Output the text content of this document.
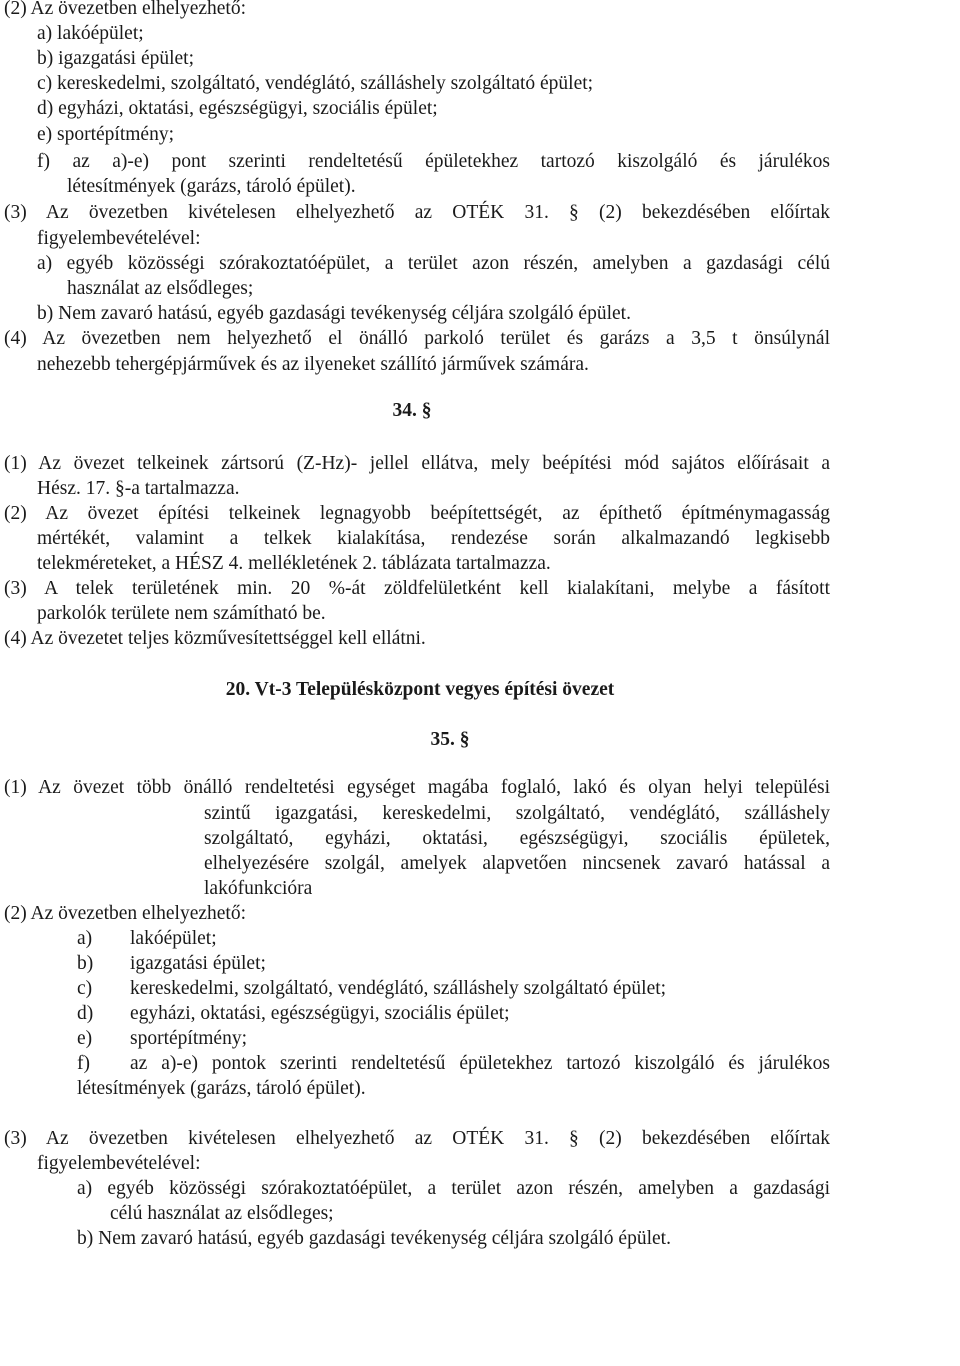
(2) Az övezetben elhelyezhető:
a) lakóépület;
b) igazgatási épület;
c) kereskedelmi, szolgáltató, vendéglátó, szálláshely szolgáltató épület;
d) egyházi, oktatási, egészségügyi, szociális épület;
e) sportépítmény;
f) az a)-e) pont szerinti rendeltetésű épületekhez tartozó kiszolgáló és járulékos
létesítmények (garázs, tároló épület).
(3) Az övezetben kivételesen elhelyezhető az OTÉK 31. § (2) bekezdésében előírtak
figyelembevételével:
a) egyéb közösségi szórakoztatóépület, a terület azon részén, amelyben a gazdasági célú
használat az elsődleges;
b) Nem zavaró hatású, egyéb gazdasági tevékenység céljára szolgáló épület.
(4) Az övezetben nem helyezhető el önálló parkoló terület és garázs a 3,5 t önsúlynál
nehezebb tehergépjárművek és az ilyeneket szállító járművek számára.
34. §
(1) Az övezet telkeinek zártsorú (Z-Hz)- jellel ellátva, mely beépítési mód sajátos előírásait a
Hész. 17. §-a tartalmazza.
(2) Az övezet építési telkeinek legnagyobb beépítettségét, az építhető építménymagasság
mértékét, valamint a telkek kialakítása, rendezése során alkalmazandó legkisebb
telekméreteket, a HÉSZ 4. mellékletének 2. táblázata tartalmazza.
(3) A telek területének min. 20 %-át zöldfelületként kell kialakítani, melybe a fásított
parkolók területe nem számítható be.
(4) Az övezetet teljes közművesítettséggel kell ellátni.
20. Vt-3 Településközpont vegyes építési övezet
35. §
(1) Az övezet több önálló rendeltetési egységet magába foglaló, lakó és olyan helyi települési
szintű igazgatási, kereskedelmi, szolgáltató, vendéglátó, szálláshely
szolgáltató, egyházi, oktatási, egészségügyi, szociális épületek,
elhelyezésére szolgál, amelyek alapvetően nincsenek zavaró hatással a
lakófunkcióra
(2) Az övezetben elhelyezhető:
a) lakóépület;
b) igazgatási épület;
c) kereskedelmi, szolgáltató, vendéglátó, szálláshely szolgáltató épület;
d) egyházi, oktatási, egészségügyi, szociális épület;
e) sportépítmény;
f) az a)-e) pontok szerinti rendeltetésű épületekhez tartozó kiszolgáló és járulékos
létesítmények (garázs, tároló épület).
(3) Az övezetben kivételesen elhelyezhető az OTÉK 31. § (2) bekezdésében előírtak
figyelembevételével:
a) egyéb közösségi szórakoztatóépület, a terület azon részén, amelyben a gazdasági
célú használat az elsődleges;
b) Nem zavaró hatású, egyéb gazdasági tevékenység céljára szolgáló épület.
